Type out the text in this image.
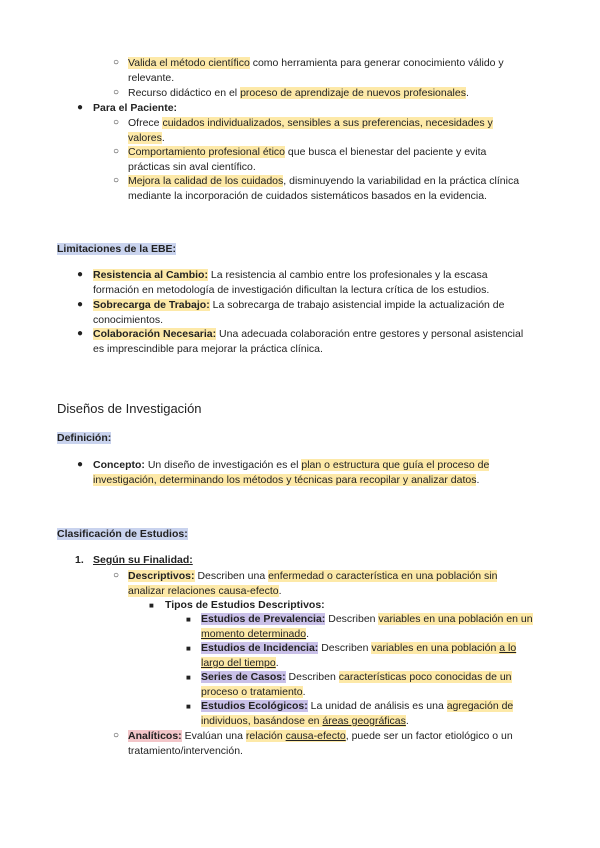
○ Valida el método científico como herramienta para generar conocimiento válido y relevante.
○ Recurso didáctico en el proceso de aprendizaje de nuevos profesionales.
● Para el Paciente:
○ Ofrece cuidados individualizados, sensibles a sus preferencias, necesidades y valores.
○ Comportamiento profesional ético que busca el bienestar del paciente y evita prácticas sin aval científico.
○ Mejora la calidad de los cuidados, disminuyendo la variabilidad en la práctica clínica mediante la incorporación de cuidados sistemáticos basados en la evidencia.
Limitaciones de la EBE:
● Resistencia al Cambio: La resistencia al cambio entre los profesionales y la escasa formación en metodología de investigación dificultan la lectura crítica de los estudios.
● Sobrecarga de Trabajo: La sobrecarga de trabajo asistencial impide la actualización de conocimientos.
● Colaboración Necesaria: Una adecuada colaboración entre gestores y personal asistencial es imprescindible para mejorar la práctica clínica.
Diseños de Investigación
Definición:
● Concepto: Un diseño de investigación es el plan o estructura que guía el proceso de investigación, determinando los métodos y técnicas para recopilar y analizar datos.
Clasificación de Estudios:
1. Según su Finalidad:
○ Descriptivos: Describen una enfermedad o característica en una población sin analizar relaciones causa-efecto.
■ Tipos de Estudios Descriptivos:
■ Estudios de Prevalencia: Describen variables en una población en un momento determinado.
■ Estudios de Incidencia: Describen variables en una población a lo largo del tiempo.
■ Series de Casos: Describen características poco conocidas de un proceso o tratamiento.
■ Estudios Ecológicos: La unidad de análisis es una agregación de individuos, basándose en áreas geográficas.
○ Analíticos: Evalúan una relación causa-efecto, puede ser un factor etiológico o un tratamiento/intervención.
